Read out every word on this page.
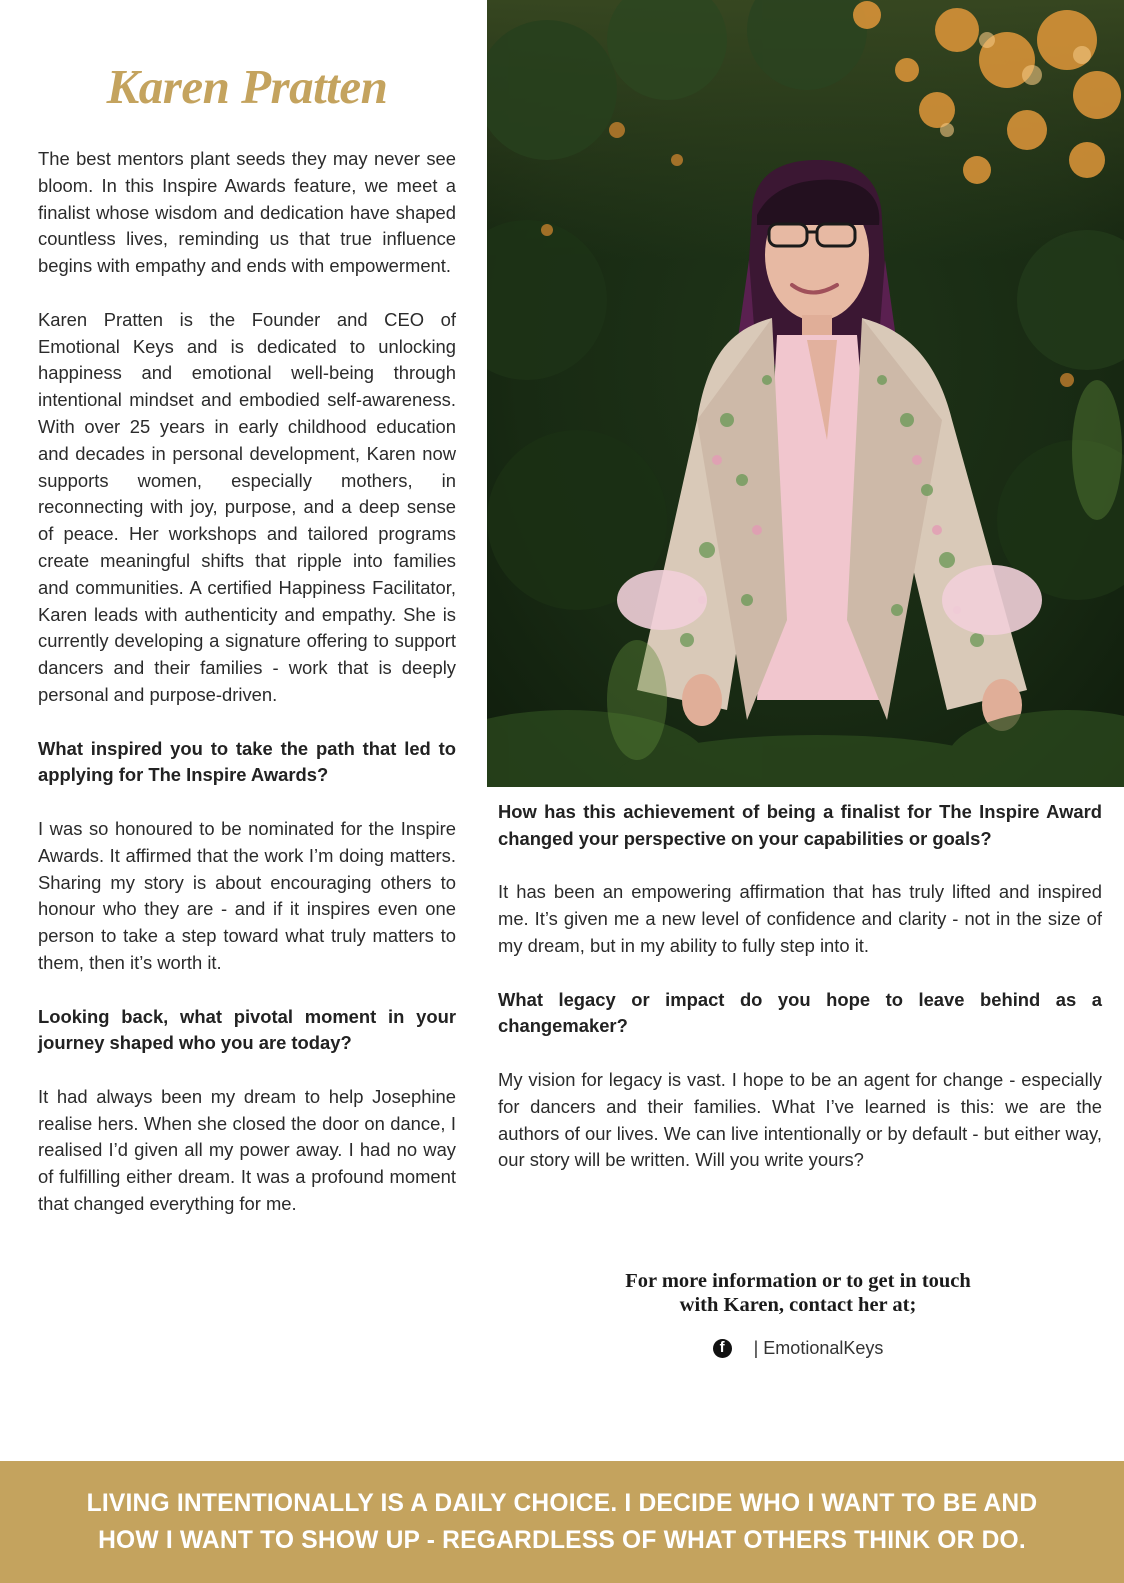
Karen Pratten

The best mentors plant seeds they may never see bloom. In this Inspire Awards feature, we meet a finalist whose wisdom and dedication have shaped countless lives, reminding us that true influence begins with empathy and ends with empowerment.

Karen Pratten is the Founder and CEO of Emotional Keys and is dedicated to unlocking happiness and emotional well-being through intentional mindset and embodied self-awareness. With over 25 years in early childhood education and decades in personal development, Karen now supports women, especially mothers, in reconnecting with joy, purpose, and a deep sense of peace. Her workshops and tailored programs create meaningful shifts that ripple into families and communities. A certified Happiness Facilitator, Karen leads with authenticity and empathy. She is currently developing a signature offering to support dancers and their families - work that is deeply personal and purpose-driven.

What inspired you to take the path that led to applying for The Inspire Awards?

I was so honoured to be nominated for the Inspire Awards. It affirmed that the work I’m doing matters. Sharing my story is about encouraging others to honour who they are - and if it inspires even one person to take a step toward what truly matters to them, then it’s worth it.

Looking back, what pivotal moment in your journey shaped who you are today?

It had always been my dream to help Josephine realise hers. When she closed the door on dance, I realised I’d given all my power away. I had no way of fulfilling either dream. It was a profound moment that changed everything for me.

How has this achievement of being a finalist for The Inspire Award changed your perspective on your capabilities or goals?

It has been an empowering affirmation that has truly lifted and inspired me. It’s given me a new level of confidence and clarity - not in the size of my dream, but in my ability to fully step into it.

What legacy or impact do you hope to leave behind as a changemaker?

My vision for legacy is vast. I hope to be an agent for change - especially for dancers and their families. What I’ve learned is this: we are the authors of our lives. We can live intentionally or by default - but either way, our story will be written. Will you write yours?

For more information or to get in touch
with Karen, contact her at;

f	| EmotionalKeys

LIVING INTENTIONALLY IS A DAILY CHOICE. I DECIDE WHO I WANT TO BE AND
HOW I WANT TO SHOW UP - REGARDLESS OF WHAT OTHERS THINK OR DO.
